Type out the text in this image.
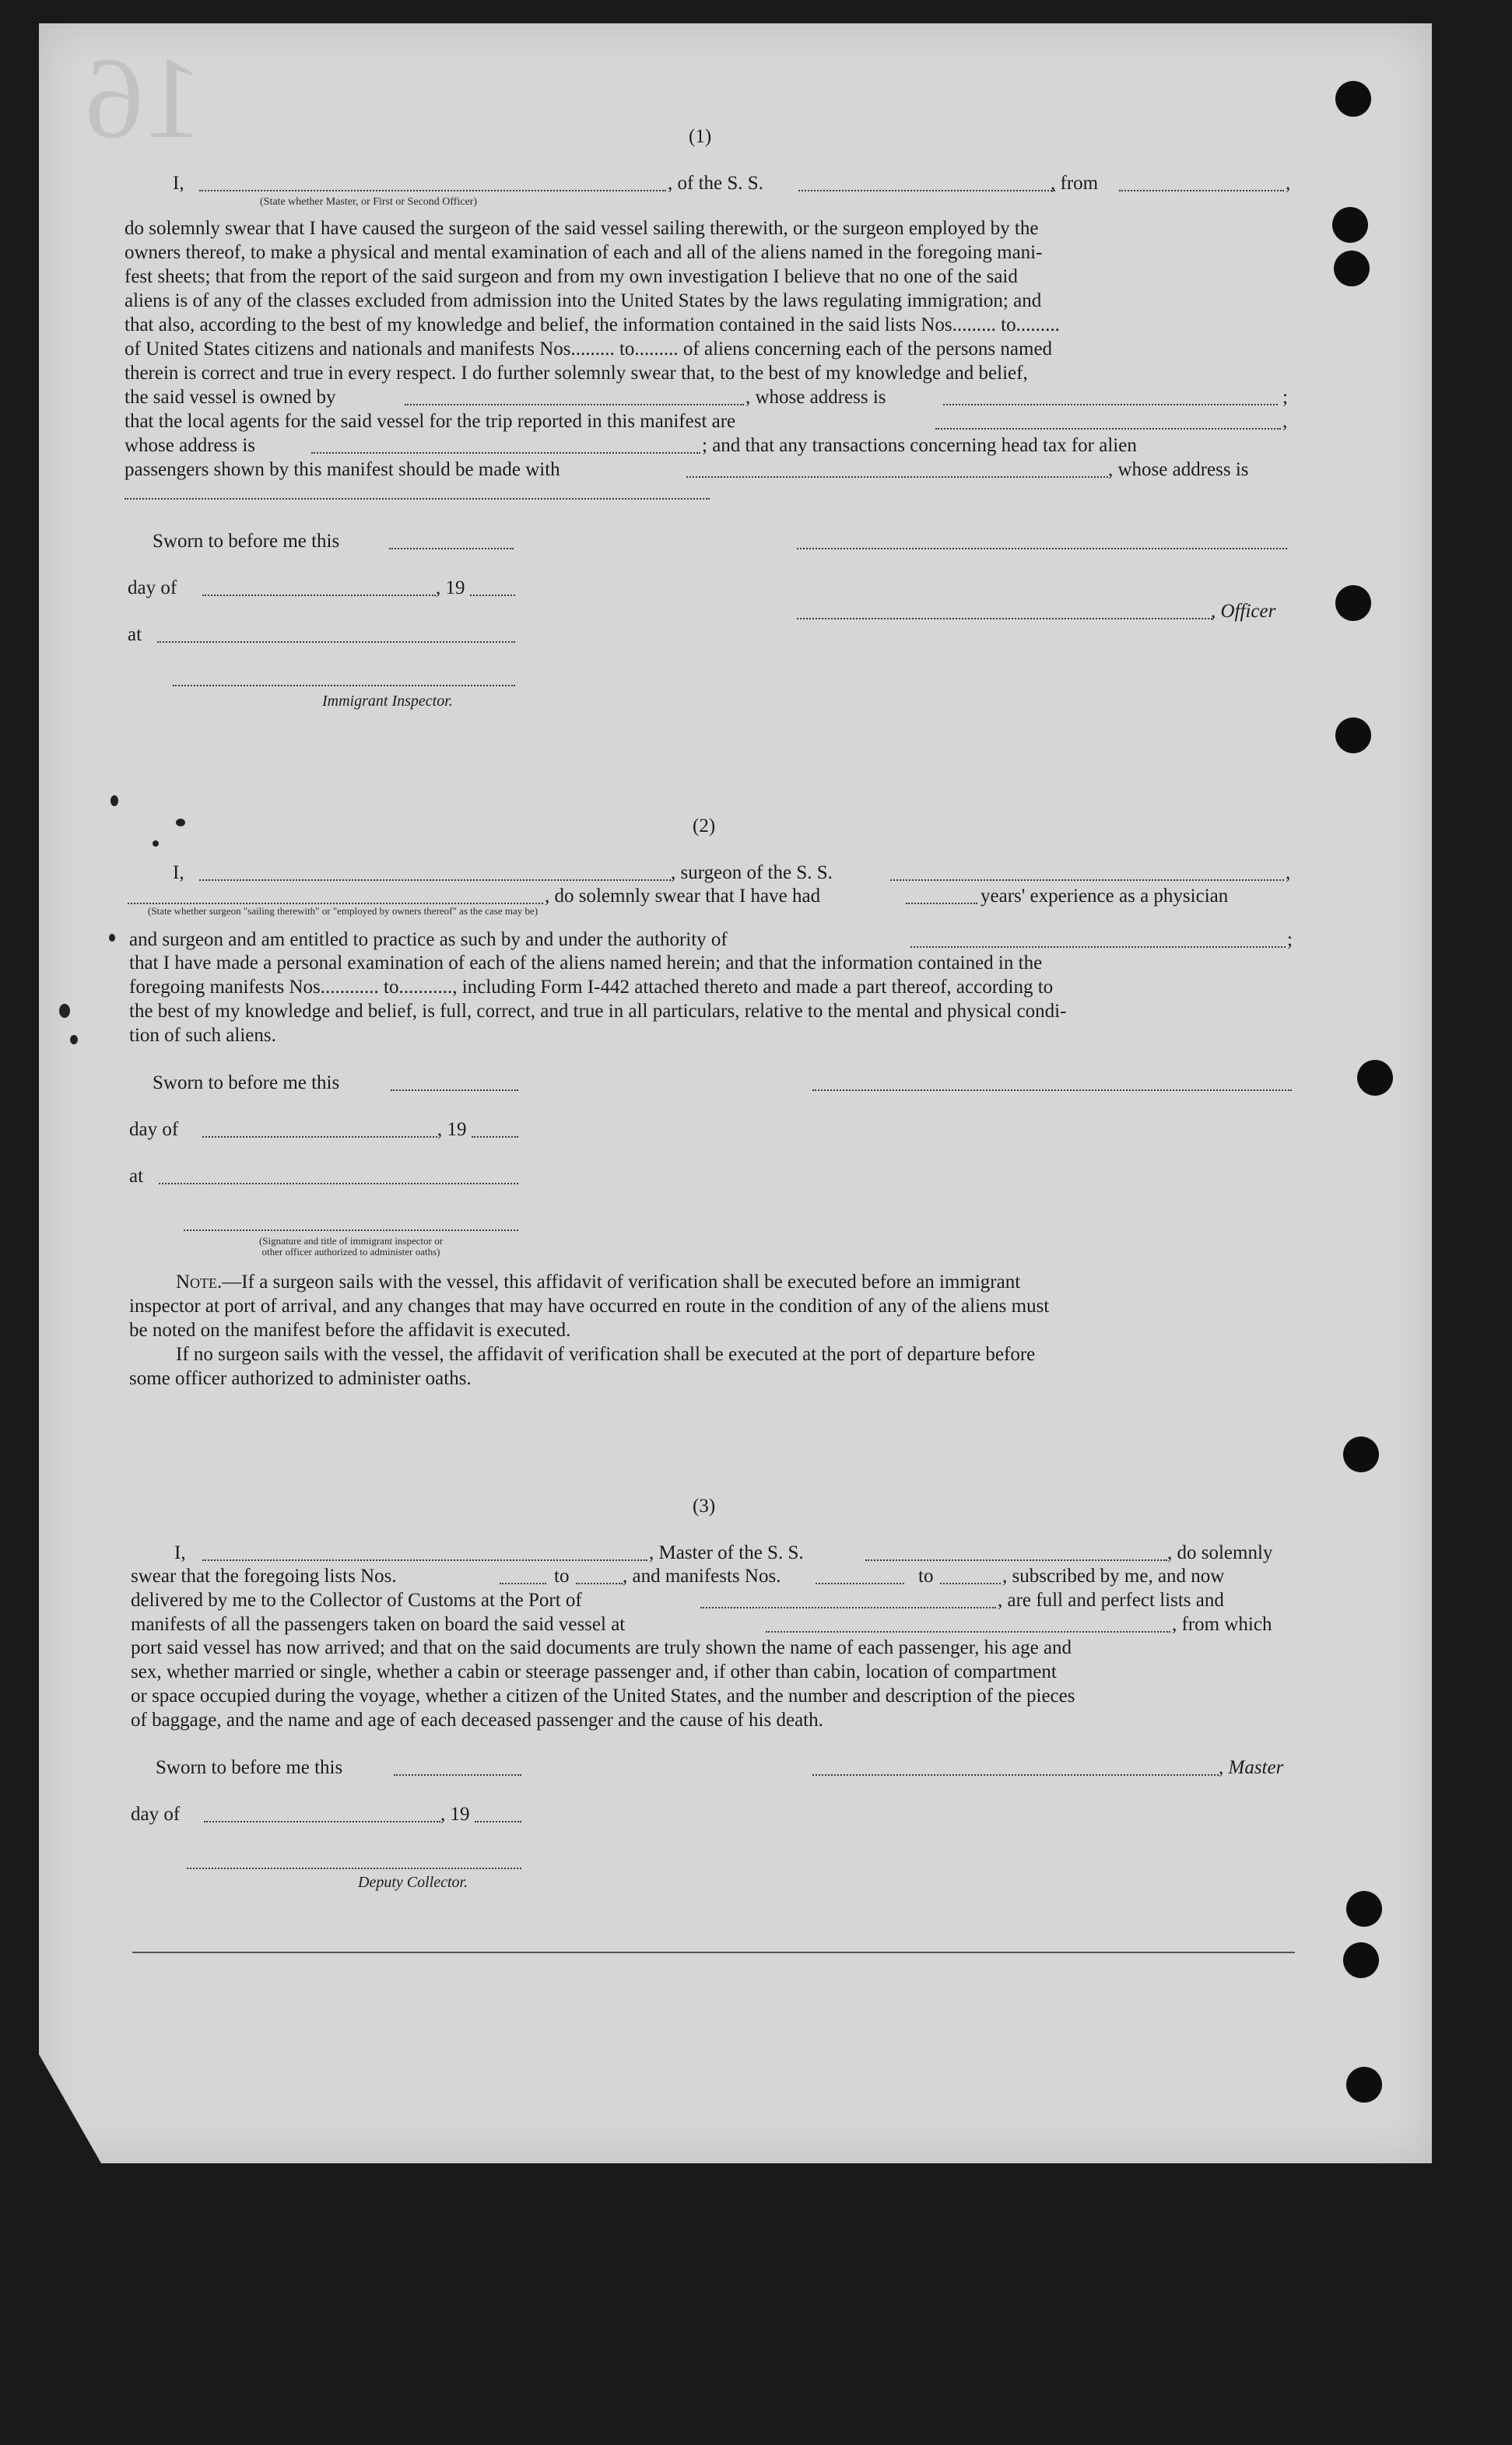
16	(1)
I,	, of the S. S.	, from	,
(State whether Master, or First or Second Officer)
do solemnly swear that I have caused the surgeon of the said vessel sailing therewith, or the surgeon employed by the
owners thereof, to make a physical and mental examination of each and all of the aliens named in the foregoing mani-
fest sheets; that from the report of the said surgeon and from my own investigation I believe that no one of the said
aliens is of any of the classes excluded from admission into the United States by the laws regulating immigration; and
that also, according to the best of my knowledge and belief, the information contained in the said lists Nos......... to.........
of United States citizens and nationals and manifests Nos......... to......... of aliens concerning each of the persons named
therein is correct and true in every respect. I do further solemnly swear that, to the best of my knowledge and belief,
the said vessel is owned by	, whose address is	;
that the local agents for the said vessel for the trip reported in this manifest are	,
whose address is	; and that any transactions concerning head tax for alien
passengers shown by this manifest should be made with	, whose address is
Sworn to before me this
day of	, 19
, Officer
at
Immigrant Inspector.
(2)
I,	, surgeon of the S. S.	,
, do solemnly swear that I have had	years' experience as a physician
(State whether surgeon "sailing therewith" or "employed by owners thereof" as the case may be)
and surgeon and am entitled to practice as such by and under the authority of	;
that I have made a personal examination of each of the aliens named herein; and that the information contained in the
foregoing manifests Nos............ to..........., including Form I-442 attached thereto and made a part thereof, according to
the best of my knowledge and belief, is full, correct, and true in all particulars, relative to the mental and physical condi-
tion of such aliens.
Sworn to before me this
day of	, 19
at
(Signature and title of immigrant inspector or
other officer authorized to administer oaths)
Note.—If a surgeon sails with the vessel, this affidavit of verification shall be executed before an immigrant
inspector at port of arrival, and any changes that may have occurred en route in the condition of any of the aliens must
be noted on the manifest before the affidavit is executed.
If no surgeon sails with the vessel, the affidavit of verification shall be executed at the port of departure before
some officer authorized to administer oaths.
(3)
I,	, Master of the S. S.	, do solemnly
swear that the foregoing lists Nos.	to	, and manifests Nos.	to	, subscribed by me, and now
delivered by me to the Collector of Customs at the Port of	, are full and perfect lists and
manifests of all the passengers taken on board the said vessel at	, from which
port said vessel has now arrived; and that on the said documents are truly shown the name of each passenger, his age and
sex, whether married or single, whether a cabin or steerage passenger and, if other than cabin, location of compartment
or space occupied during the voyage, whether a citizen of the United States, and the number and description of the pieces
of baggage, and the name and age of each deceased passenger and the cause of his death.
Sworn to before me this	, Master
day of	, 19
Deputy Collector.
